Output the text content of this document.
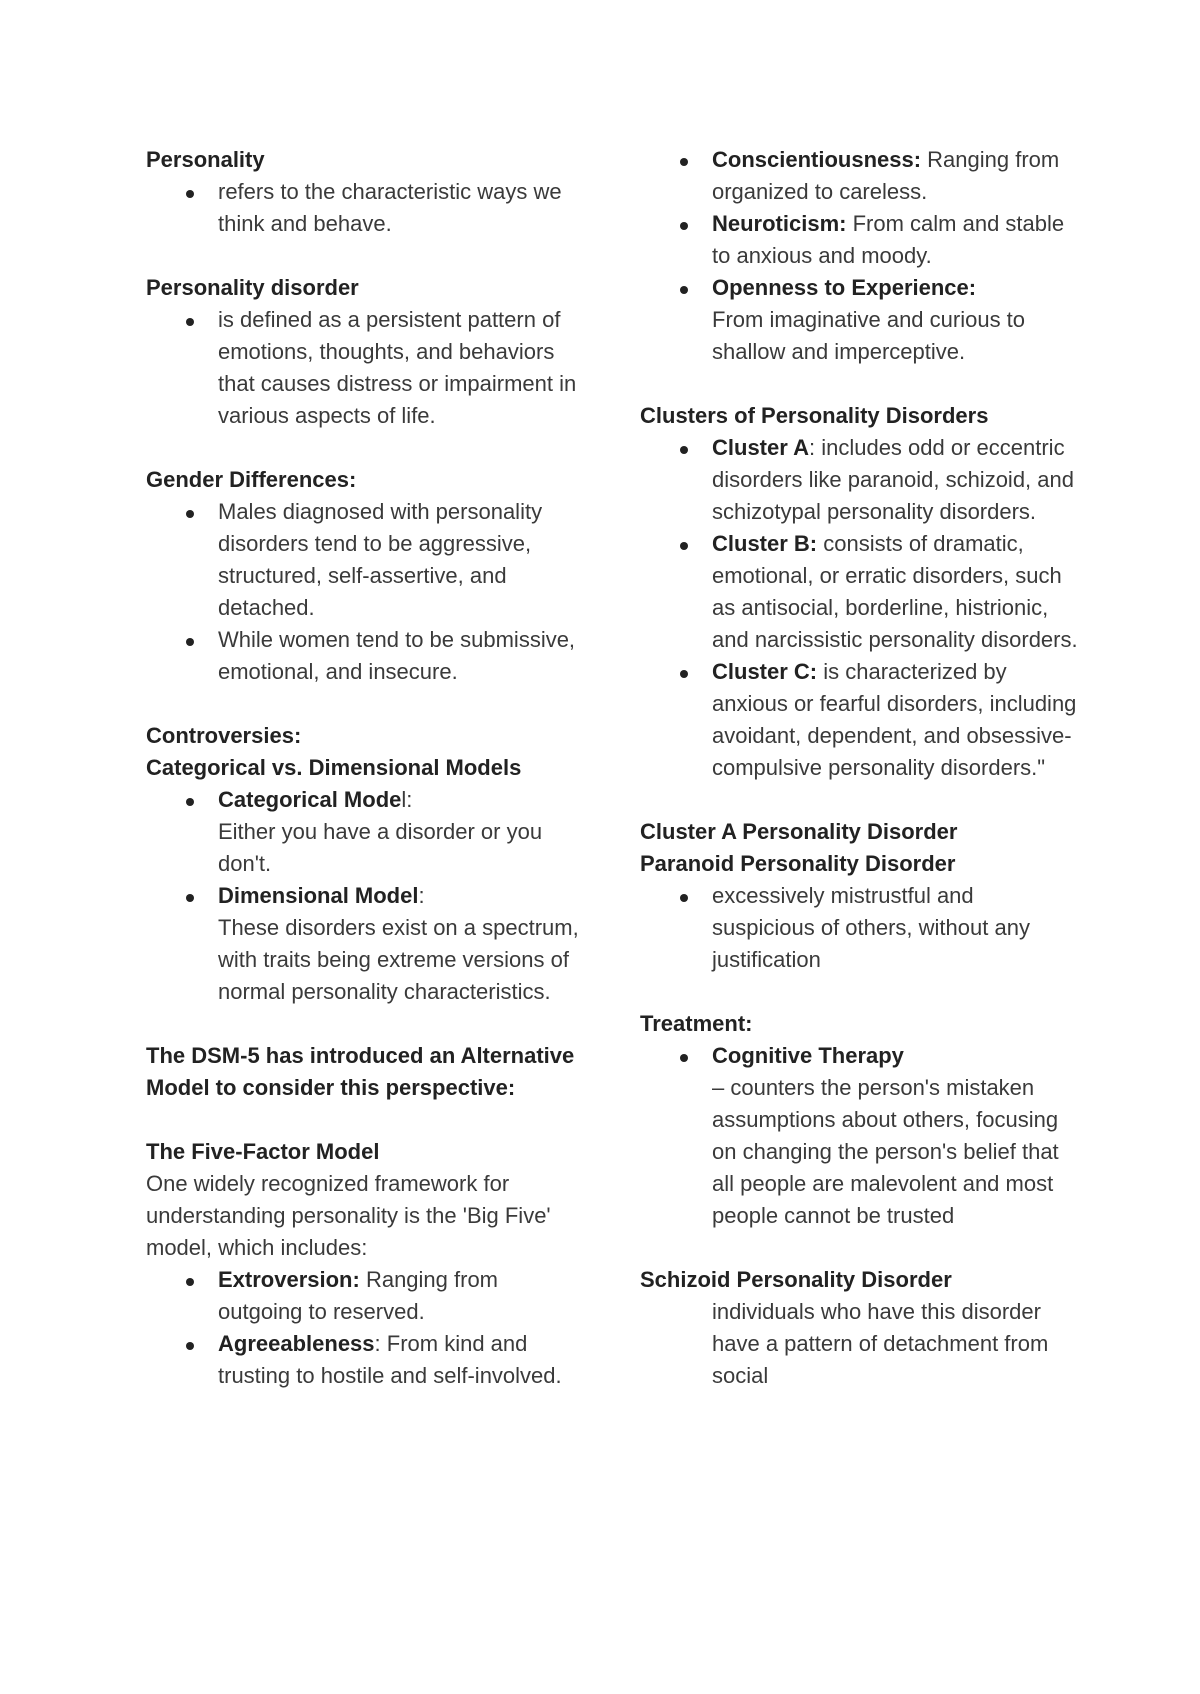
Personality
refers to the characteristic ways we think and behave.
Personality disorder
is defined as a persistent pattern of emotions, thoughts, and behaviors that causes distress or impairment in various aspects of life.
Gender Differences:
Males diagnosed with personality disorders tend to be aggressive, structured, self-assertive, and detached.
While women tend to be submissive, emotional, and insecure.
Controversies:
Categorical vs. Dimensional Models
Categorical Model:
Either you have a disorder or you don't.
Dimensional Model:
These disorders exist on a spectrum, with traits being extreme versions of normal personality characteristics.
The DSM-5 has introduced an Alternative Model to consider this perspective:
The Five-Factor Model
One widely recognized framework for understanding personality is the 'Big Five' model, which includes:
Extroversion: Ranging from outgoing to reserved.
Agreeableness: From kind and trusting to hostile and self-involved.
Conscientiousness: Ranging from organized to careless.
Neuroticism: From calm and stable to anxious and moody.
Openness to Experience:
From imaginative and curious to shallow and imperceptive.
Clusters of Personality Disorders
Cluster A: includes odd or eccentric disorders like paranoid, schizoid, and schizotypal personality disorders.
Cluster B: consists of dramatic, emotional, or erratic disorders, such as antisocial, borderline, histrionic, and narcissistic personality disorders.
Cluster C: is characterized by anxious or fearful disorders, including avoidant, dependent, and obsessive-compulsive personality disorders."
Cluster A Personality Disorder
Paranoid Personality Disorder
excessively mistrustful and suspicious of others, without any justification
Treatment:
Cognitive Therapy
– counters the person's mistaken assumptions about others, focusing on changing the person's belief that all people are malevolent and most people cannot be trusted
Schizoid Personality Disorder
individuals who have this disorder have a pattern of detachment from social
